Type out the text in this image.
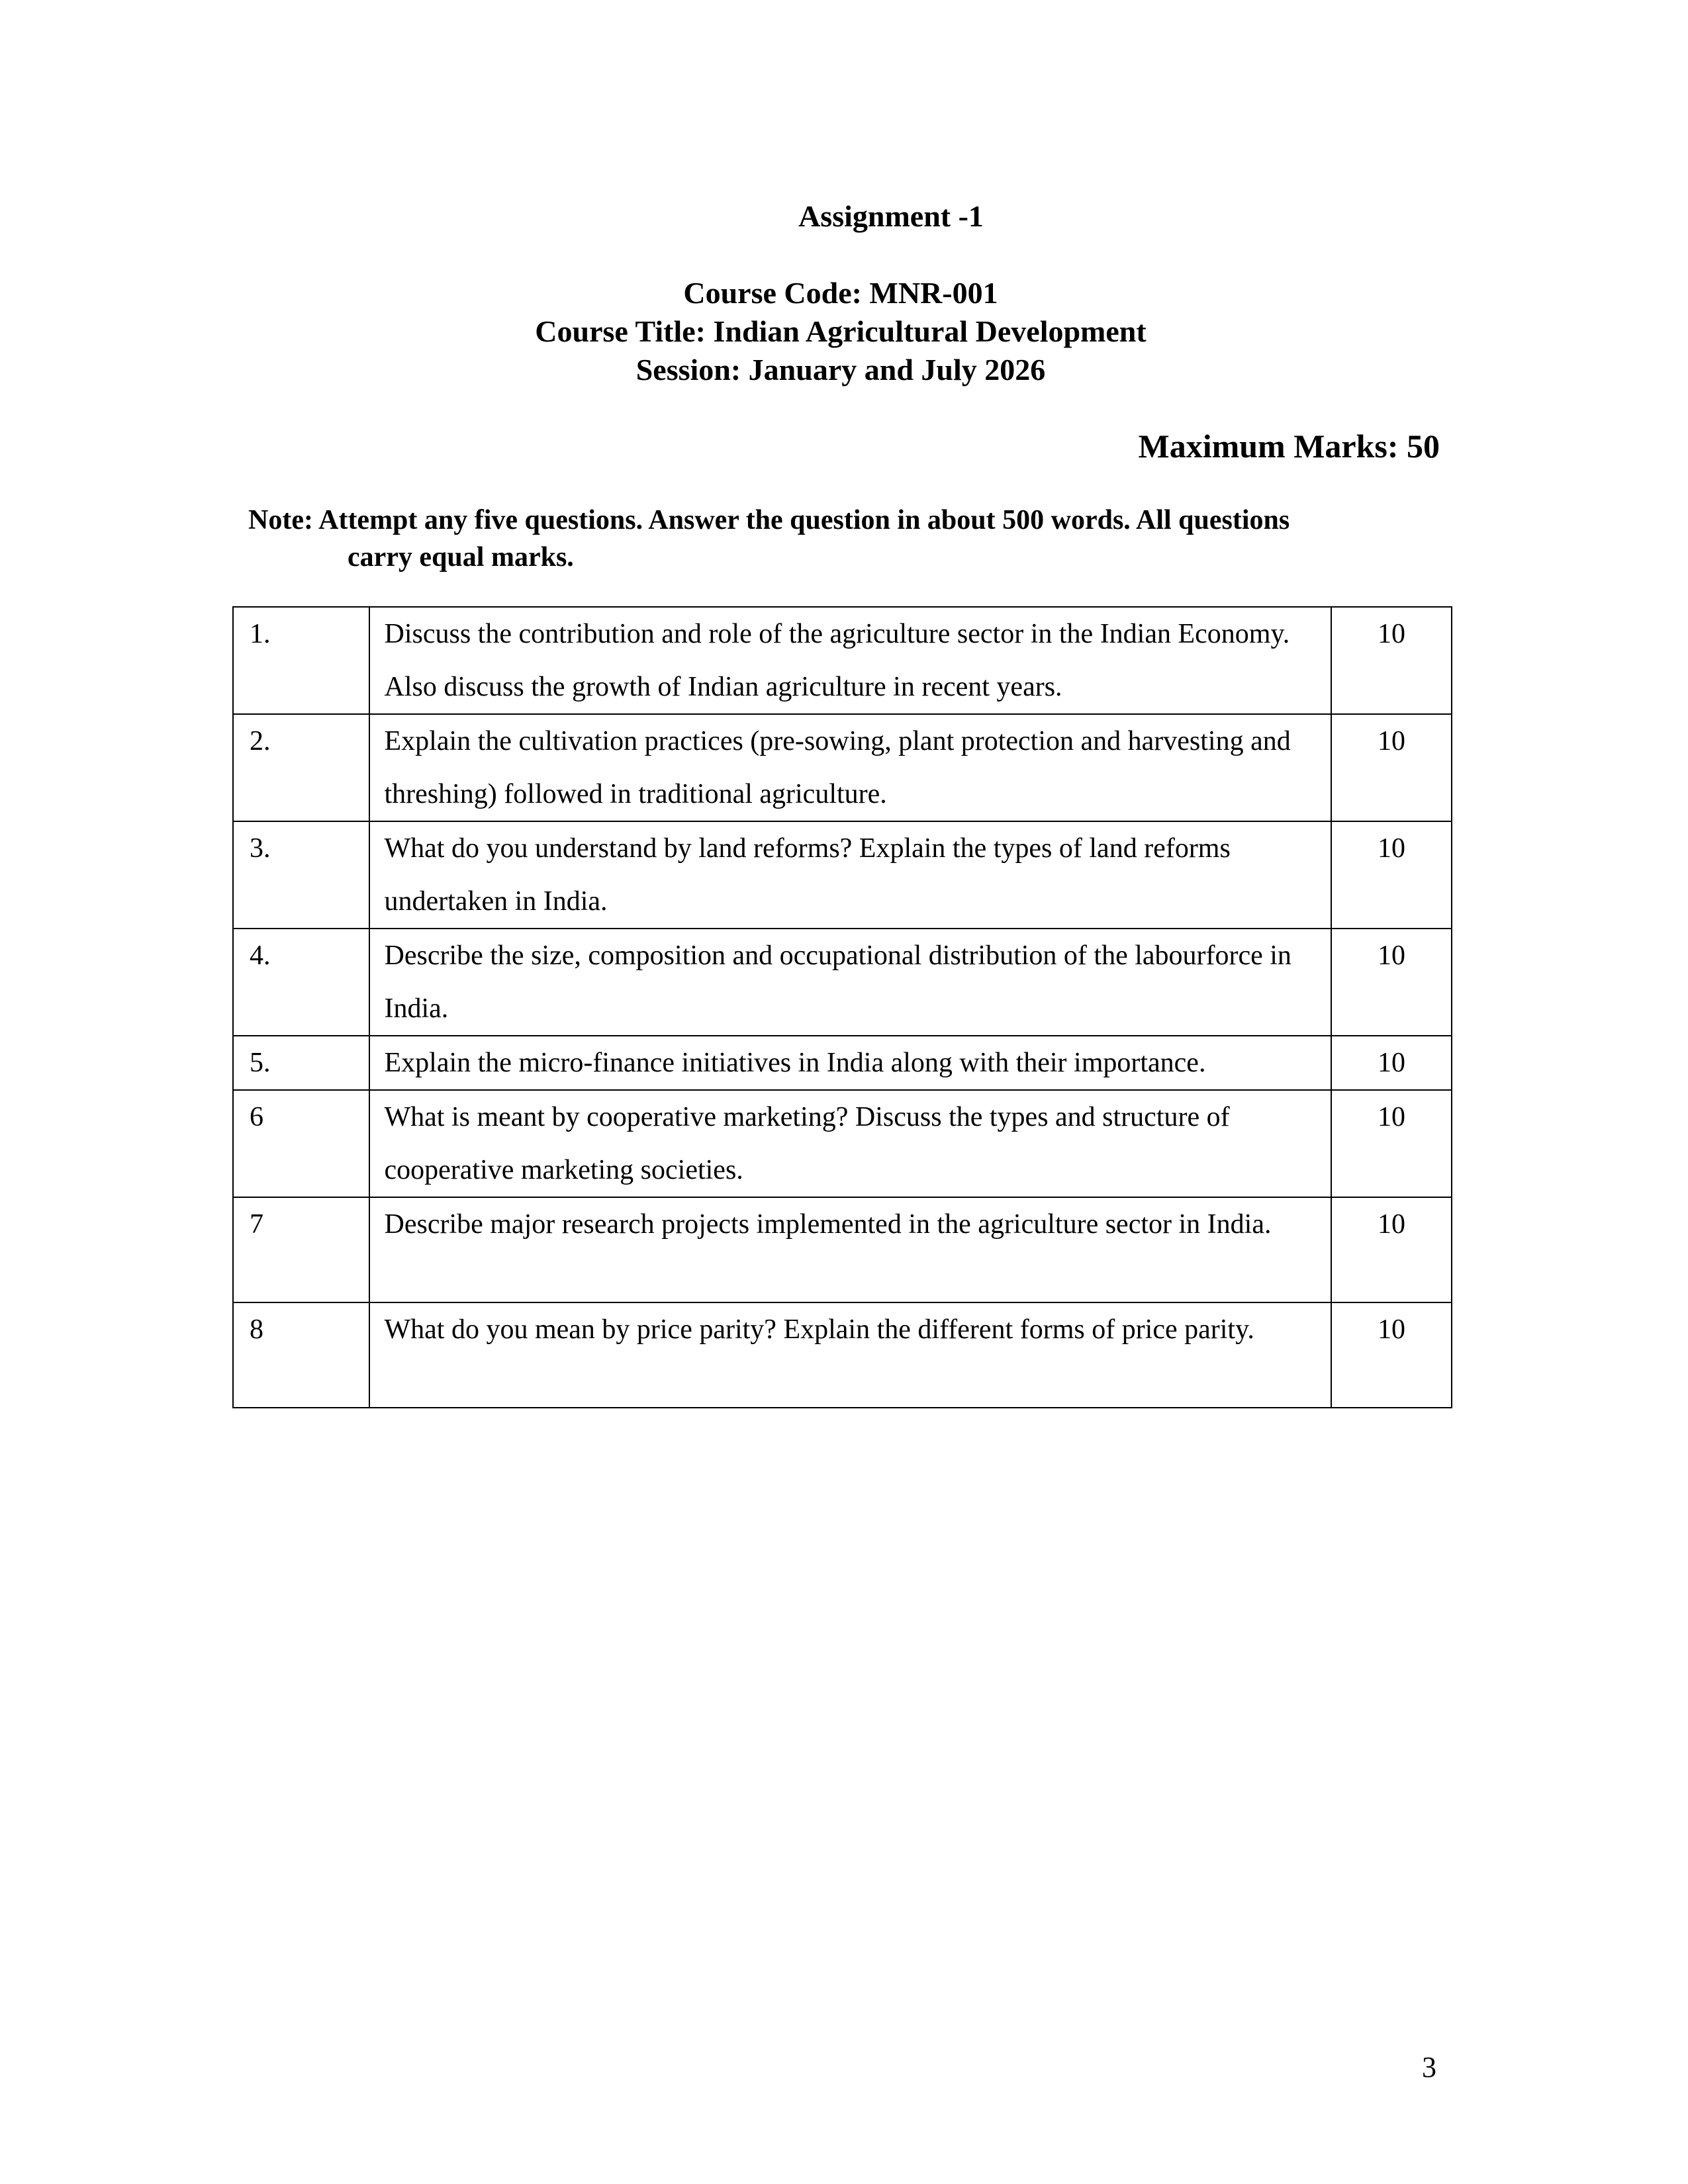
Assignment -1
Course Code: MNR-001
Course Title: Indian Agricultural Development
Session: January and July 2026
Maximum Marks: 50
Note: Attempt any five questions. Answer the question in about 500 words. All questions
carry equal marks.
1.	Discuss the contribution and role of the agriculture sector in the Indian Economy. Also discuss the growth of Indian agriculture in recent years.	10
2.	Explain the cultivation practices (pre-sowing, plant protection and harvesting and threshing) followed in traditional agriculture.	10
3.	What do you understand by land reforms? Explain the types of land reforms undertaken in India.	10
4.	Describe the size, composition and occupational distribution of the labourforce in India.	10
5.	Explain the micro-finance initiatives in India along with their importance.	10
6	What is meant by cooperative marketing? Discuss the types and structure of cooperative marketing societies.	10
7	Describe major research projects implemented in the agriculture sector in India.	10
8	What do you mean by price parity? Explain the different forms of price parity.	10
3
